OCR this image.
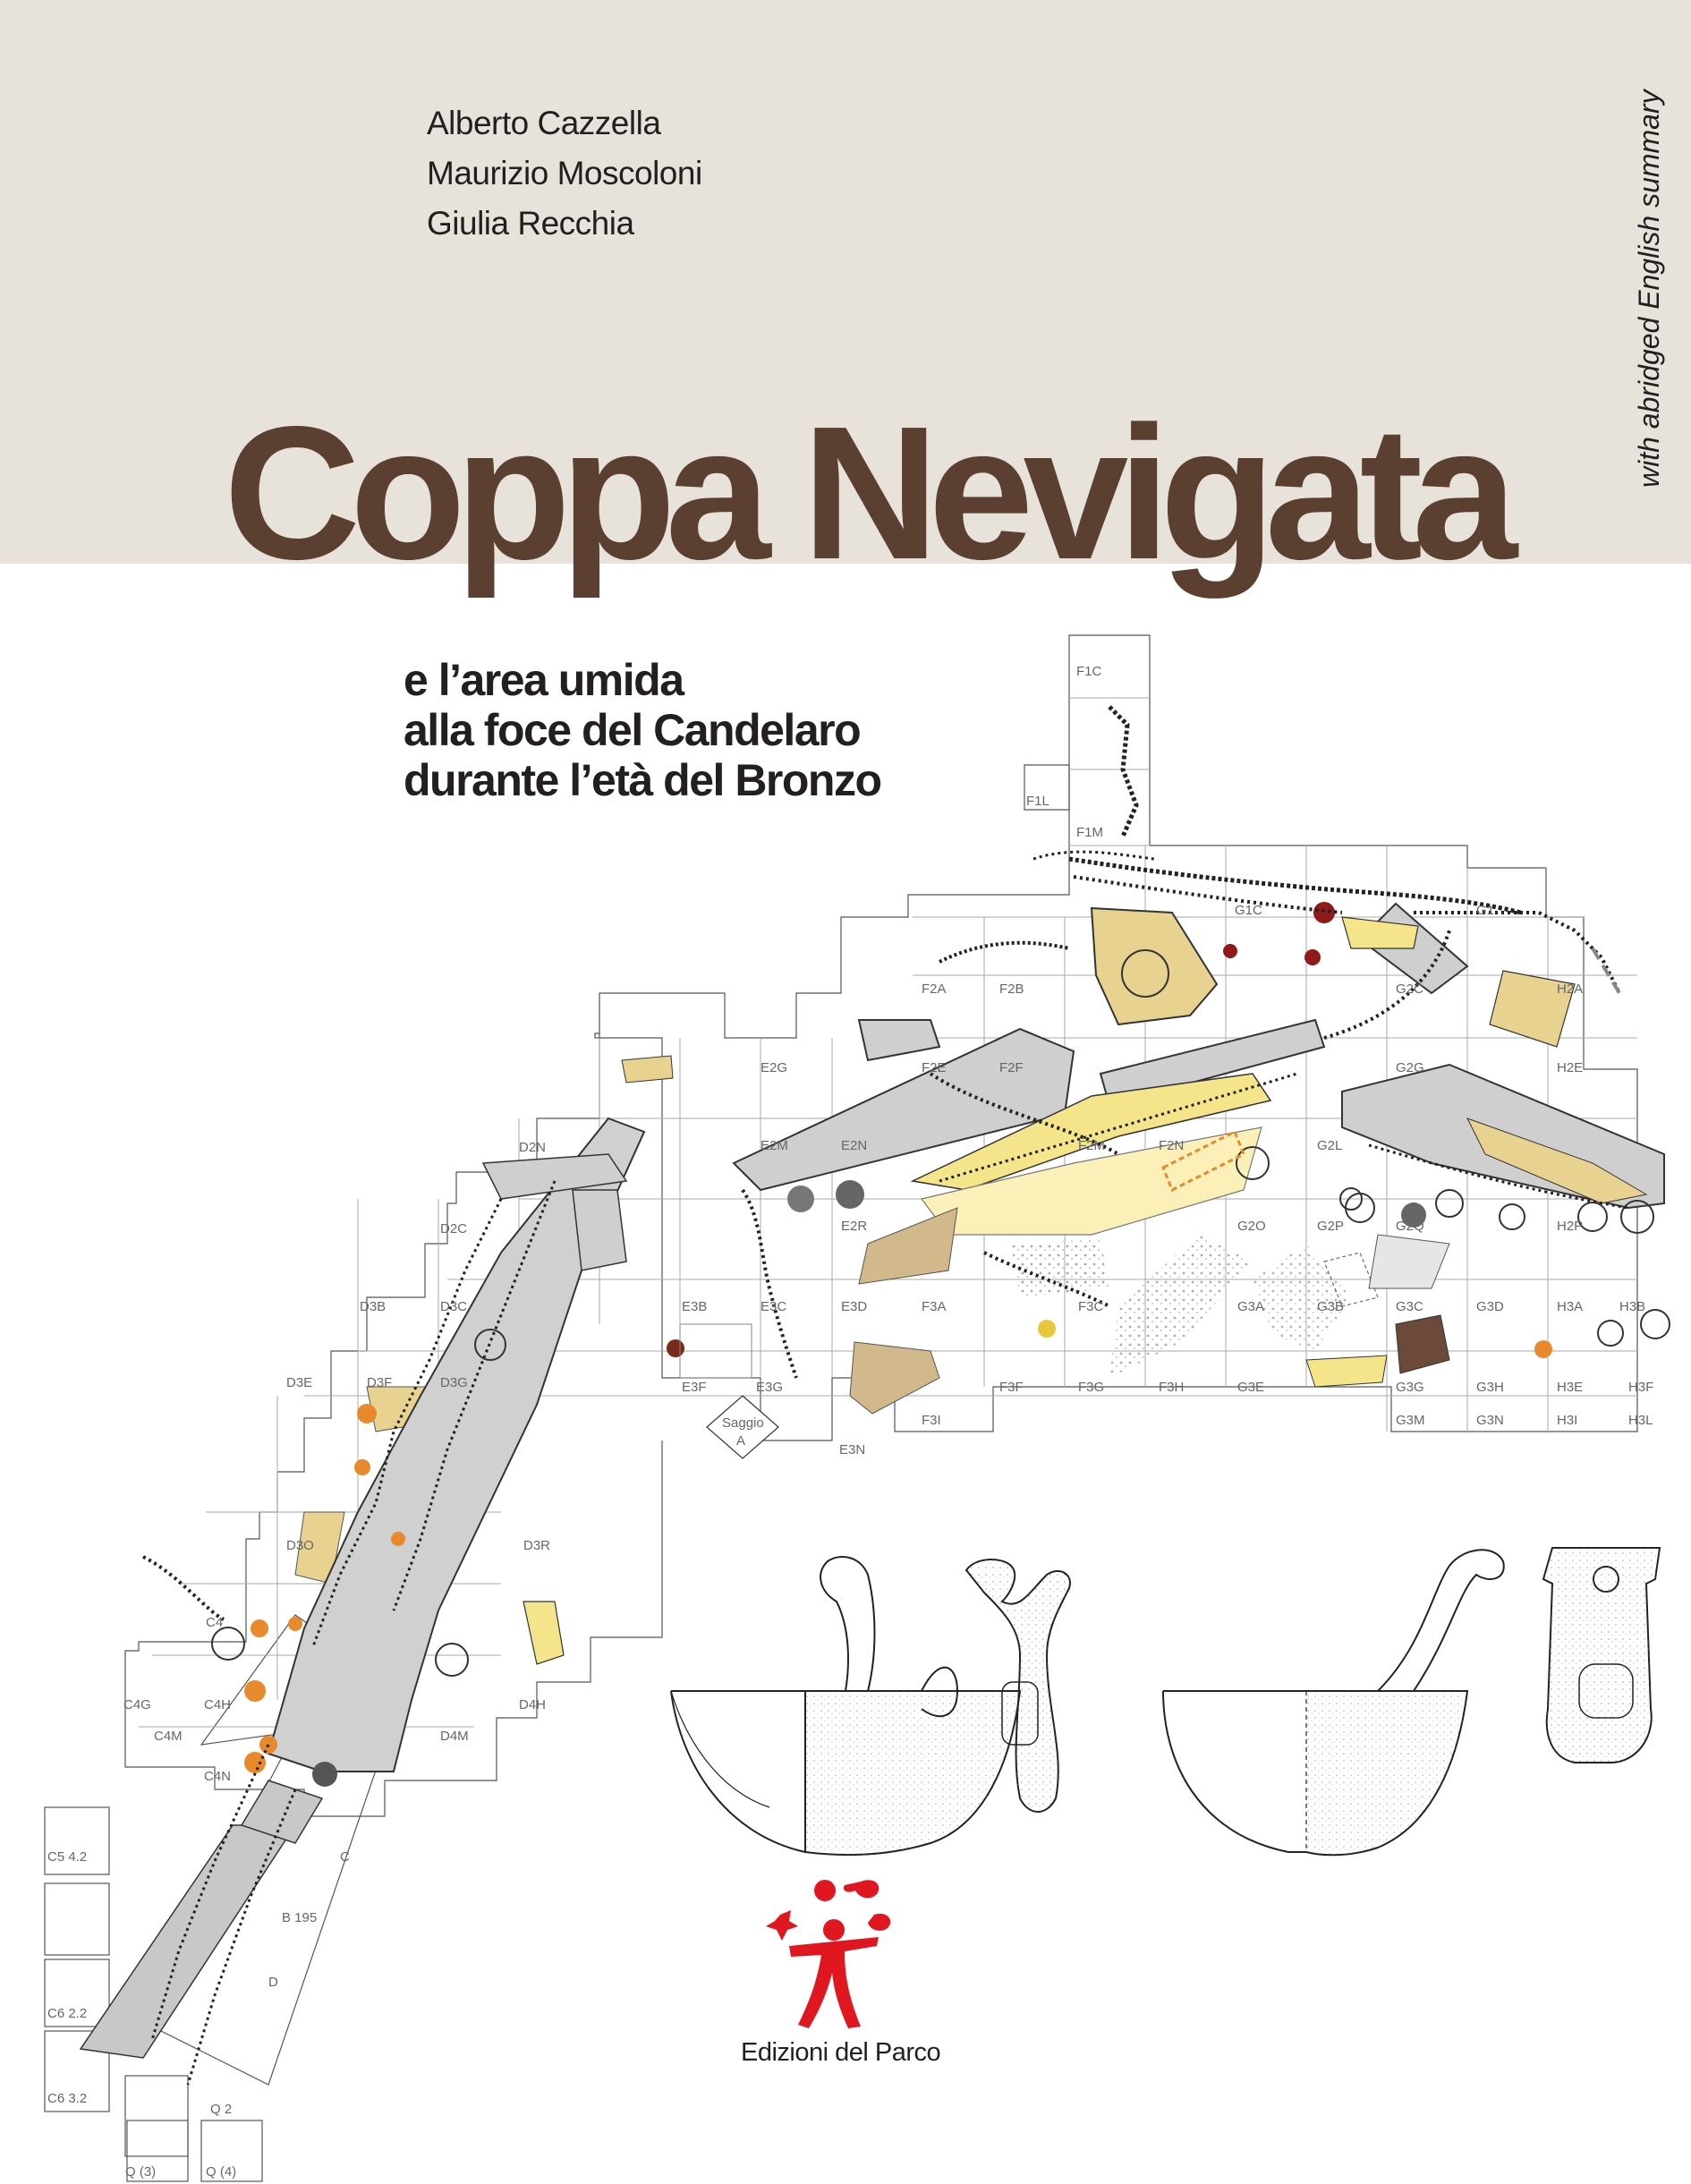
Alberto Cazzella
Maurizio Moscoloni
Giulia Recchia	with abridged English summary
Coppa Nevigata
e l’area umida
alla foce del Candelaro
durante l’età del Bronzo
F1C
F1L
F1M
F2A	F2B
G1C	G1
H2A
G2C
E2G	F2E	F2F	G2G	H2E
E2M	E2N	F2M	F2N	G2L
D2N
D2C	E2R	G2O	G2P	G2Q	H2P
D3B	D3C	E3B	E3C	E3D	F3A	F3C	G3A	G3B	G3C	G3D	H3A	H3B
D3E	D3F	D3G	E3F	E3G	F3F	F3G	F3H	G3E	G3G	G3H	H3E	H3F
G3M	G3N	H3I	H3L
F3I
E3N
Saggio
A
D3O	D3R
C4
C4G	C4H
C4M
C4N
D4H
D4M
C5 4.2
C6 2.2
C6 3.2
B 195
C
D
Q (3)	Q (4)
Q 2
Edizioni del Parco
